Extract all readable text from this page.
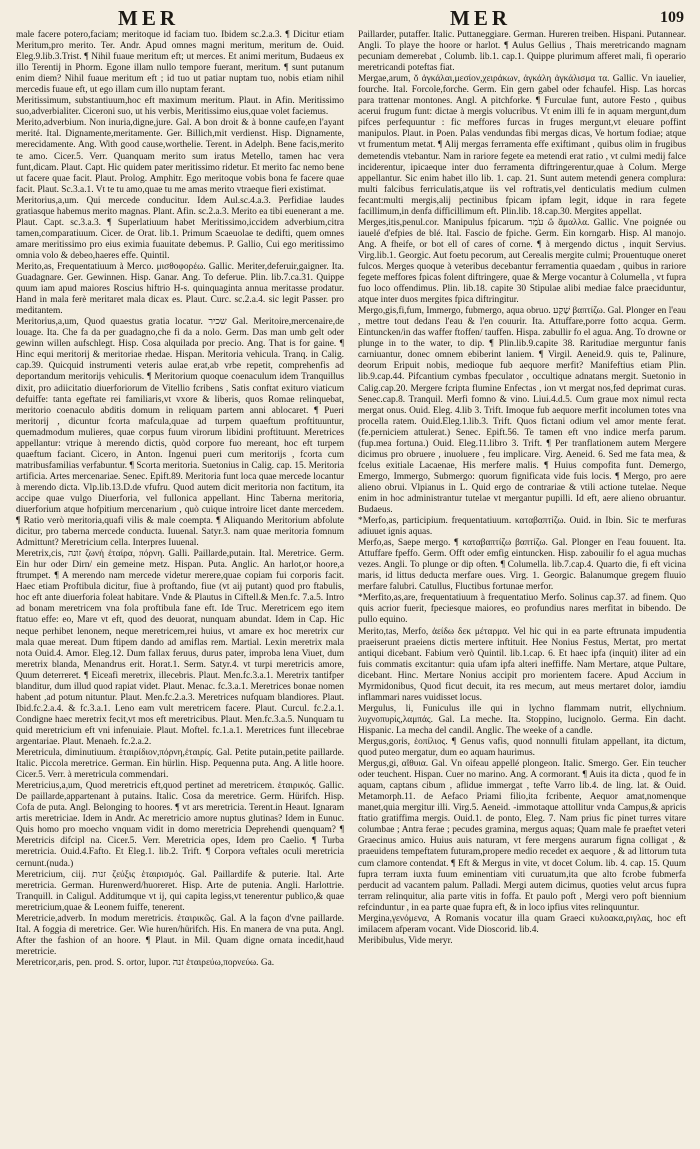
MER	MER	109

male facere potero,faciam; meritoque id faciam tuo. Ibidem sc.2.a.3. ¶ Dicitur etiam Meritum,pro merito. Ter. Andr. Apud omnes magni meritum, meritum de. Ouid. Eleg.9.lib.3.Trist. ¶ Nihil fuaue meritum eft; ut merces. Et animi meritum, Budaeus ex illo Terentij in Phorm. Egone illam nullo tempore fuerant, meritum. ¶ sunt putanum enim diem? Nihil fuaue meritum eft ; id tuo ut patiar nuptam tuo, nobis etiam nihil mercedis fuaue eft, ut ego illam cum illo nuptam ferant.

Meritissimum, substantiuum,hoc eft maximum meritum. Plaut. in Afin. Meritissimo suo,adverbialiter. Ciceroni suo, ut his verbis, Meritissimo eius,quae volet faciemus.

Merito,adverbium. Non inuria,digne,jure. Gal. A bon droit & à bonne caufe,en l'ayant merité. Ital. Dignamente,meritamente. Ger. Billich,mit verdienst. Hisp. Dignamente, merecidamente. Ang. With good cause,worthelie. Terent. in Adelph. Bene facis,merito te amo. Cicer.5. Verr. Quanquam merito sum iratus Metello, tamen hac vera funt,dicam. Plaut. Capt. Hic quidem pater meritissimo ridetur. Et merito fac nemo bene ut facere quae facit. Plaut. Prolog. Amphitr. Ego meritoque vobis bona fe facere quae facit. Plaut. Sc.3.a.1. Vt te tu amo,quae tu me amas merito vtraeque fieri existimat.

Meritorius,a,um. Qui mercede conducitur. Idem Aul.sc.4.a.3. Perfidiae laudes gratiasque habemus merito magnas. Plant. Afin. sc.2.a.3. Merito ea tibi euenerant a me. Plaut. Capt. sc.3.a.3. ¶ Superlatiuum habet Meritissimo,iccidem adverbium,citra tamen,comparatiuum. Cicer. de Orat. lib.1. Primum Scaeuolae te dedifti, quem omnes amare meritissimo pro eius eximia fuauitate debemus. P. Gallio, Cui ego meritissimo omnia volo & debeo,haeres effe. Quintil.

Merito,as, Frequentatiuum à Merco. μισθοφορέω. Gallic. Meriter,deferuir,gaigner. Ita. Guadagnare. Ger. Gewinnen. Hisp. Ganar. Ang. To deferue. Plin. lib.7.ca.31. Quippe quum iam apud maiores Roscius hiftrio H-s. quinquaginta annua meritasse prodatur. Hand in mala ferè meritaret mala dicax es. Plaut. Curc. sc.2.a.4. sic legit Passer. pro meditantem.

Meritorius,a,um, Quod quaestus gratia locatur. שכיר Gal. Meritoire,mercenaire,de louage. Ita. Che fa da per guadagno,che fi da a nolo. Germ. Das man umb gelt oder gewinn willen aufschlegt. Hisp. Cosa alquilada por precio. Ang. That is for gaine. ¶ Hinc equi meritorij & meritoriae rhedae. Hispan. Meritoria vehicula. Tranq. in Calig. cap.39. Quicquid instrumenti veteris aulae erat,ab vrbe repetit, comprehenfis ad deportandum meritorijs vehiculis. ¶ Meritorium quoque coenaculum idem Tranquillus dixit, pro adiicitatio diuerforiorum de Vitellio fcribens , Satis conftat exituro viaticum defuiffe: tanta egeftate rei familiaris,vt vxore & liberis, quos Romae relinquebat, meritorio coenaculo abditis domum in reliquam partem anni ablocaret. ¶ Pueri meritorij , dicuntur fcorta mafcula,quae ad turpem quaeftum proftituuntur, quemadmodum mulieres, quae corpus fuum virorum libidini proftituunt. Meretrices appellantur: vtrique à merendo dictis, quòd corpore fuo mereant, hoc eft turpem quaeftum faciant. Cicero, in Anton. Ingenui pueri cum meritorijs , fcorta cum matribusfamilias verfabuntur. ¶ Scorta meritoria. Suetonius in Calig. cap. 15. Meritoria artificia. Artes mercenariae. Senec. Epift.89. Meritoria funt loca quae mercede locantur à merendo dicta. Vlp.lib.13.D.de vfufru. Quod autem dicit meritoria non factitum, ita accipe quae vulgo Diuerforia, vel fullonica appellant. Hinc Taberna meritoria, diuerforium atque hofpitium mercenarium , quò cuique introire licet dante mercedem. ¶ Ratio verò meritoria,quafi vilis & male coempta. ¶ Aliquando Meritorium abfolute dicitur, pro taberna mercede conducta. Iuuenal. Satyr.3. nam quae meritoria fomnum Admittunt? Meretricium cella. Interpres Iuuenal.

Meretrix,cis, זונה ζωνή ἑταίρα, πόρνη. Galli. Paillarde,putain. Ital. Meretrice. Germ. Ein hur oder Dirn/ ein gemeine metz. Hispan. Puta. Anglic. An harlot,or hoore,a ftrumpet. ¶ A merendo nam mercede videtur merere,quae copiam fui corporis facit. Haec etiam Proftibula dicitur, fiue à proftando, fiue (vt aij putant) quod pro ftabulis, hoc eft ante diuerforia foleat habitare. Vnde & Plautus in Ciftell.& Men.fc. 7.a.5. Intro ad bonam meretricem vna fola proftibula fane eft. Ide Truc. Meretricem ego item ftatuo effe: eo, Mare vt eft, quod des deuorat, nunquam abundat. Idem in Cap. Hic neque perhibet lenonem, neque meretricem,rei huius, vt amare ex hoc meretrix cur mala quae mereat. Dum ftipem dando ad amiflas rem. Martial. Lexin meretrix mala nota Ouid.4. Amor. Eleg.12. Dum fallax feruus, durus pater, improba lena Viuet, dum meretrix blanda, Menandrus erit. Horat.1. Serm. Satyr.4. vt turpi meretricis amore, Quum deterreret. ¶ Eiceafi meretrix, illecebris. Plaut. Men.fc.3.a.1. Meretrix tantifper blanditur, dum illud quod rapiat videt. Plaut. Menac. fc.3.a.1. Meretrices bonae nomen habent ,ad potum nituntur. Plaut. Men.fc.2.a.3. Meretrices nufquam blandiores. Plaut. Ibid.fc.2.a.4. & fc.3.a.1. Leno eam vult meretricem facere. Plaut. Curcul. fc.2.a.1. Condigne haec meretrix fecit,vt mos eft meretricibus. Plaut. Men.fc.3.a.5. Nunquam tu quid meretricium eft vni infenuiaie. Plaut. Moftel. fc.1.a.1. Meretrices funt illecebrae argentariae. Plaut. Menaeh. fc.2.a.2.

Meretricula, diminutiuum. ἑταιρίδιον,πόρνη,ἑταιρίς. Gal. Petite putain,petite paillarde. Italic. Piccola meretrice. German. Ein hürlin. Hisp. Pequenna puta. Ang. A litle hoore. Cicer.5. Verr. à meretricula commendari.

Meretricius,a,um, Quod meretricis eft,quod pertinet ad meretricem. ἑταιρικός. Gallic. De paillarde,appartenant à putains. Italic. Cosa da meretrice. Germ. Hürifch. Hisp. Cofa de puta. Angl. Belonging to hoores. ¶ vt ars meretricia. Terent.in Heaut. Ignaram artis meretriciae. Idem in Andr. Ac meretricio amore nuptus glutinas? Idem in Eunuc. Quis homo pro moecho vnquam vidit in domo meretricia Deprehendi quenquam? ¶ Meretricis difcipl na. Cicer.5. Verr. Meretricia opes, Idem pro Caelio. ¶ Turba meretricia. Ouid.4.Fafto. Et Eleg.1. lib.2. Trift. ¶ Corpora veftales oculi meretricia cernunt.(nuda.)

Meretricium, ciij. זנות ζεύξις ἑταιρισμός. Gal. Paillardife & puterie. Ital. Arte meretricia. German. Hurenwerd/huoreret. Hisp. Arte de putenia. Angli. Harlottrie. Tranquill. in Caligul. Additumque vt ij, qui capita legiss,vt tenerentur publico,& quae meretricium,quae & Leonem fuiffe, tenerent.

Meretricie,adverb. In modum meretricis. ἑταιρικῶς. Gal. A la façon d'vne paillarde. Ital. A foggia di meretrice. Ger. Wie huren/hürifch. His. En manera de vna puta. Angl. After the fashion of an hoore. ¶ Plaut. in Mil. Quam digne ornata incedit,haud meretricie.

Meretricor,aris, pen. prod. S. ortor, lupor. זנה ἑταιρεύω,πορνεύω. Ga.

Paillarder, putaffer. Italic. Puttaneggiare. German. Hureren treiben. Hispani. Putannear. Angli. To playe the hoore or harlot. ¶ Aulus Gellius , Thais meretricando magnam pecuniam demerebat , Columb. lib.1. cap.1. Quippe plurimum afferet mali, fi operario meretricandi poteftas fiat.

Mergae,arum, ǒ ἀγκάλαι,μεσίον,χειράκων, ἀγκάλη ἀγκάλισμα τα. Gallic. Vn iauelier, fourche. Ital. Forcole,forche. Germ. Ein gern gabel oder fchaufel. Hisp. Las horcas para trattenar montones. Angl. A pitchforke. ¶ Furculae funt, autore Festo , quibus acerui frugum funt: dictae à mergis volucribus. Vt enim illi fe in aquam mergunt,dum pifces perfequuntur : fic meffores furcas in fruges mergunt,vt eleuare poffint manipulos. Plaut. in Poen. Palas vendundas fibi mergas dicas, Ve hortum fodiae; atque vt frumentum metat. ¶ Alij mergas ferramenta effe exiftimant , quibus olim in frugibus demetendis vtebantur. Nam in rariore fegete ea metendi erat ratio , vt culmi medij falce inciderentur, ipicaeque inter duo ferramenta diftringerentur,quae à Colum. Merge appellantur. Sic enim habet illo lib. 1. cap. 21. Sunt autem metendi genera complura: multi falcibus ferriculatis,atque iis vel roftratis,vel denticulatis medium culmen fecant:multi mergis,alij pectinibus fpicam ipfam legit, idque in rara fegete facillimum,in denfa difficillimum eft. Plin.lib. 18.cap.30. Mergites appellat.

Merges,itis,penul.cor. Manipulus fpicarum. עֹמֶר ὥ ἄμαλλα. Gallic. Vne poignée ou iauelé d'efpies de blé. Ital. Fascio de fpiche. Germ. Ein korngarb. Hisp. Al manojo. Ang. A fheife, or bot ell of cares of corne. ¶ à mergendo dictus , inquit Servius. Virg.lib.1. Georgic. Aut foetu pecorum, aut Cerealis mergite culmi; Prouentuque oneret fulcos. Merges quoque à veteribus decebantur ferramentia quaedam , quibus in rariore fegete meffores fpicas folent diftringere, quae & Merge vocantur à Columella , vt fupra fuo loco offendimus. Plin. lib.18. capite 30 Stipulae alibi mediae falce praeciduntur, atque inter duos mergites fpica diftringitur.

Mergo,gis,fi,fum, Immergo, fubmergo, aqua obruo. שָׁקַע βαπτίζω. Gal. Plonger en l'eau , mettre tout dedans l'eau & l'en couurir. Ita. Attuffare,porre fotto acqua. Germ. Eintuncken/in das waffer ftoffen/ tauffen. Hispa. zabullir fo el agua. Ang. To drowne or plunge in to the water, to dip. ¶ Plin.lib.9.capite 38. Raritudiae merguntur fanis carniuantur, donec omnem ebiberint laniem. ¶ Virgil. Aeneid.9. quis te, Palinure, deorum Eripuit nobis, medioque fub aequore merfit? Manifeftius etiam Plin. lib.9.cap.44. Pifcantium cymbas fpeculator , occultique adnatans mergit. Suetonio in Calig.cap.20. Mergere fcripta flumine Enfectas , ion vt mergat nos,fed deprimat curas. Senec.cap.8. Tranquil. Merfi fomno & vino. Liui.4.d.5. Cum graue mox nimul recta mergat onus. Ouid. Eleg. 4.lib 3. Trift. Imoque fub aequore merfit incolumen totes vna procella ratem. Ouid.Eleg.1.lib.3. Trift. Quos fictani odium vel amor mente ferat. (fe.perniciem attulerat.) Senec. Epift.56. Te tamen eft vno indice merfa parum. (fup.mea fortuna.) Ouid. Eleg.11.libro 3. Trift. ¶ Per tranflationem autem Mergere dicimus pro obruere , inuoluere , feu implicare. Virg. Aeneid. 6. Sed me fata mea, & fcelus exitiale Lacaenae, His merfere malis. ¶ Huius compofita funt. Demergo, Emergo, Immergo, Submergo: quorum fignificata vide fuis locis. ¶ Mergo, pro aere alieno obrui. Vlpianus in L. Quid ergo de contrariae & vtili actione tutelae. Neque enim in hoc administrantur tutelae vt mergantur pupilli. Id eft, aere alieno obruantur. Budaeus.

*Merfo,as, participium. frequentatiuum. καταβαπτίζω. Ouid. in Ibin. Sic te merfuras adiuuet ignis aquas.

Merfo,as, Saepe mergo. ¶ καταβαπτίζω βαπτίζω. Gal. Plonger en l'eau fouuent. Ita. Attuffare fpeffo. Germ. Offt oder emfig eintuncken. Hisp. zabouilir fo el agua muchas vezes. Angli. To plunge or dip often. ¶ Columella. lib.7.cap.4. Quarto die, fi eft vicina maris, id littus deducta merfare oues. Virg. 1. Georgic. Balanumque gregem fluuio merfare falubri. Catullus, Fluctibus fortunae merfor.

*Merfito,as,are, frequentatiuum à frequentatiuo Merfo. Solinus cap.37. ad finem. Quo quis acrior fuerit, fpeciesque maiores, eo profundius nares merfitat in bibendo. De pullo equino.

Merito,tas, Merfo, ἀείδω δεκ μέταρμα. Vel hic qui in ea parte eftrunata impudentia praeiserunt praeiens dictis mertere inftituit. Hee Nonius Festus, Mertat, pro mertat antiqui dicebant. Fabium verò Quintil. lib.1.cap. 6. Et haec ipfa (inquit) iliter ad ein fuis commatis excitantur: quia ufam ipfa alteri ineffiffe. Nam Mertare, atque Pultare, dicebant. Hinc. Mertare Nonius accipit pro morientem facere. Apud Accium in Myrmidonibus, Quod ficut decuit, ita res mecum, aut meus mertaret dolor, iamdiu inflammari nares vuidisset locus.

Mergulus, li, Funiculus ille qui in lychno flammam nutrit, ellychnium. λυχνοπυρίς,λαμπάς. Gal. La meche. Ita. Stoppino, lucignolo. Germa. Ein dacht. Hispanic. La mecha del candil. Anglic. The weeke of a candle.

Mergus,goris, ἑοπίλιος. ¶ Genus vafis, quod nonnulli fitulam appellant, ita dictum, quod puteo mergatur, dum eo aquam haurimus.

Mergus,gi, αἴθυια. Gal. Vn oifeau appellé plongeon. Italic. Smergo. Ger. Ein teucher oder teuchent. Hispan. Cuer no marino. Ang. A cormorant. ¶ Auis ita dicta , quod fe in aquam, captans cibum , aflidue immergat , tefte Varro lib.4. de ling. lat. & Ouid. Metamorph.11. de Aefaco Priami filio,ita fcribente, Aequor amat,nomenque manet,quia mergitur illi. Virg.5. Aeneid. -immotaque attollitur vnda Campus,& apricis ftatio gratiffima mergis. Ouid.1. de ponto, Eleg. 7. Nam prius fic pinet turres vitare columbae ; Antra ferae ; pecudes gramina, mergus aquas; Quam male fe praeftet veteri Graecinus amico. Huius auis naturam, vt fere mergens aurarum figna colligat , & praeuidens tempeftatem futuram,propere medio recedet ex aequore , & ad littorum tuta cum clamore contendat. ¶ Eft & Mergus in vite, vt docet Colum. lib. 4. cap. 15. Quum fupra terram iuxta fuum eminentiam viti curuatum,ita que alto fcrobe fubmerfa perducit ad vacantem palum. Palladi. Mergi autem dicimus, quoties velut arcus fupra terram relinquitur, alia parte vitis in foffa. Et paulo poft , Mergi vero poft biennium refcinduntur , in ea parte quae fupra eft, & in loco ipfius vites relinquuntur.

Mergina,γενόμενα, A Romanis vocatur illa quam Graeci κυλοακα,ριγλας, hoc eft imilacem afperam vocant. Vide Dioscorid. lib.4.

Meribibulus, Vide meryr.
